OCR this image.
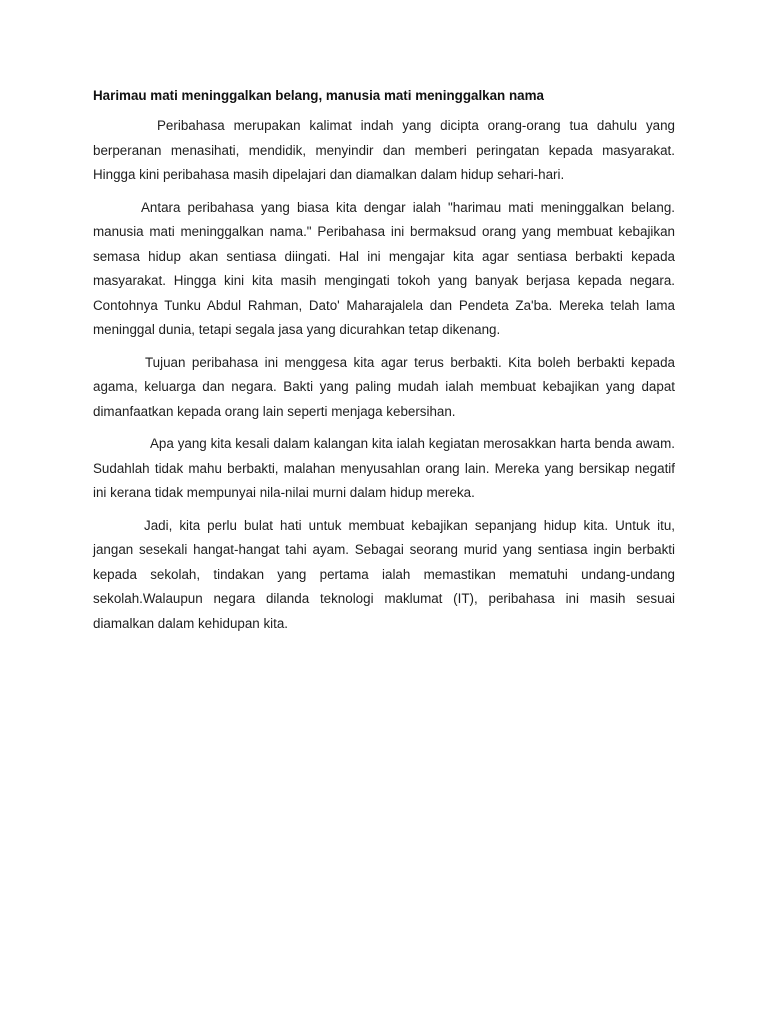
Harimau mati meninggalkan belang, manusia mati meninggalkan nama

Peribahasa merupakan kalimat indah yang dicipta orang-orang tua dahulu yang berperanan menasihati, mendidik, menyindir dan memberi peringatan kepada masyarakat. Hingga kini peribahasa masih dipelajari dan diamalkan dalam hidup sehari-hari.

Antara peribahasa yang biasa kita dengar ialah "harimau mati meninggalkan belang. manusia mati meninggalkan nama." Peribahasa ini bermaksud orang yang membuat kebajikan semasa hidup akan sentiasa diingati. Hal ini mengajar kita agar sentiasa berbakti kepada masyarakat. Hingga kini kita masih mengingati tokoh yang banyak berjasa kepada negara. Contohnya Tunku Abdul Rahman, Dato' Maharajalela dan Pendeta Za'ba. Mereka telah lama meninggal dunia, tetapi segala jasa yang dicurahkan tetap dikenang.

Tujuan peribahasa ini menggesa kita agar terus berbakti. Kita boleh berbakti kepada agama, keluarga dan negara. Bakti yang paling mudah ialah membuat kebajikan yang dapat dimanfaatkan kepada orang lain seperti menjaga kebersihan.

Apa yang kita kesali dalam kalangan kita ialah kegiatan merosakkan harta benda awam. Sudahlah tidak mahu berbakti, malahan menyusahlan orang lain. Mereka yang bersikap negatif ini kerana tidak mempunyai nila-nilai murni dalam hidup mereka.

Jadi, kita perlu bulat hati untuk membuat kebajikan sepanjang hidup kita. Untuk itu, jangan sesekali hangat-hangat tahi ayam. Sebagai seorang murid yang sentiasa ingin berbakti kepada sekolah, tindakan yang pertama ialah memastikan mematuhi undang-undang sekolah.Walaupun negara dilanda teknologi maklumat (IT), peribahasa ini masih sesuai diamalkan dalam kehidupan kita.
